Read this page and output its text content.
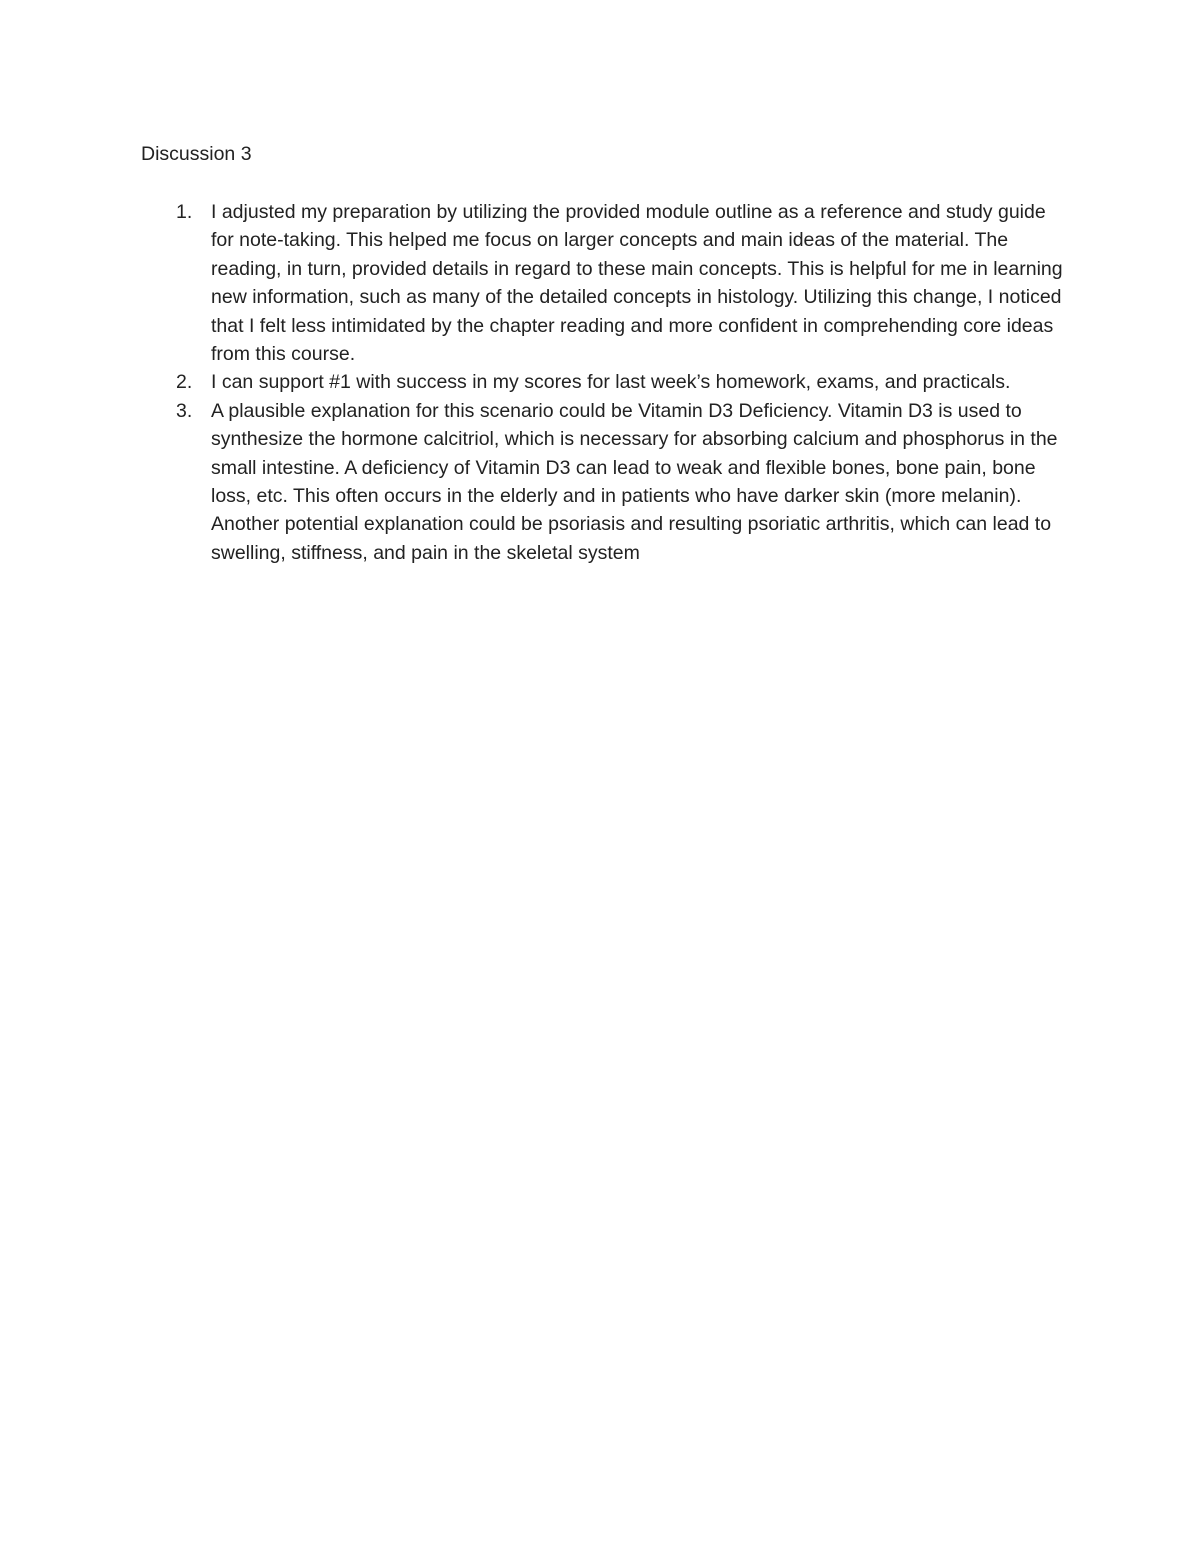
Discussion 3
1. I adjusted my preparation by utilizing the provided module outline as a reference and study guide for note-taking. This helped me focus on larger concepts and main ideas of the material. The reading, in turn, provided details in regard to these main concepts. This is helpful for me in learning new information, such as many of the detailed concepts in histology. Utilizing this change, I noticed that I felt less intimidated by the chapter reading and more confident in comprehending core ideas from this course.
2. I can support #1 with success in my scores for last week’s homework, exams, and practicals.
3. A plausible explanation for this scenario could be Vitamin D3 Deficiency. Vitamin D3 is used to synthesize the hormone calcitriol, which is necessary for absorbing calcium and phosphorus in the small intestine. A deficiency of Vitamin D3 can lead to weak and flexible bones, bone pain, bone loss, etc. This often occurs in the elderly and in patients who have darker skin (more melanin). Another potential explanation could be psoriasis and resulting psoriatic arthritis, which can lead to swelling, stiffness, and pain in the skeletal system
